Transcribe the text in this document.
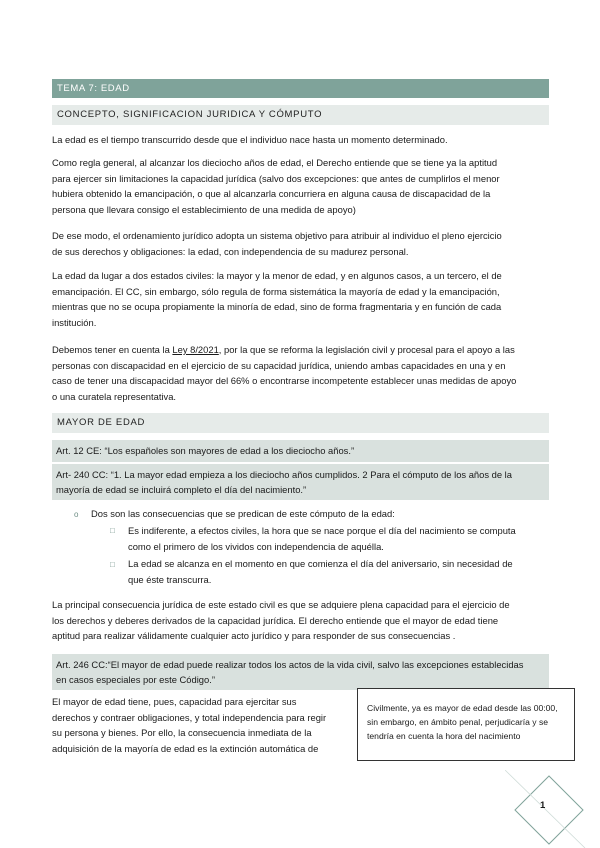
TEMA 7: EDAD
CONCEPTO, SIGNIFICACION JURIDICA Y CÓMPUTO
La edad es el tiempo transcurrido desde que el individuo nace hasta un momento determinado.
Como regla general, al alcanzar los dieciocho años de edad, el Derecho entiende que se tiene ya la aptitud
para ejercer sin limitaciones la capacidad jurídica (salvo dos excepciones: que antes de cumplirlos el menor
hubiera obtenido la emancipación, o que al alcanzarla concurriera en alguna causa de discapacidad de la
persona que llevara consigo el establecimiento de una medida de apoyo)
De ese modo, el ordenamiento jurídico adopta un sistema objetivo para atribuir al individuo el pleno ejercicio
de sus derechos y obligaciones: la edad, con independencia de su madurez personal.
La edad da lugar a dos estados civiles: la mayor y la menor de edad, y en algunos casos, a un tercero, el de
emancipación. El CC, sin embargo, sólo regula de forma sistemática la mayoría de edad y la emancipación,
mientras que no se ocupa propiamente la minoría de edad, sino de forma fragmentaria y en función de cada
institución.
Debemos tener en cuenta la Ley 8/2021, por la que se reforma la legislación civil y procesal para el apoyo a las
personas con discapacidad en el ejercicio de su capacidad jurídica, uniendo ambas capacidades en una y en
caso de tener una discapacidad mayor del 66% o encontrarse incompetente establecer unas medidas de apoyo
o una curatela representativa.
MAYOR DE EDAD
Art. 12 CE: “Los españoles son mayores de edad a los dieciocho años.”
Art- 240 CC: “1. La mayor edad empieza a los dieciocho años cumplidos. 2 Para el cómputo de los años de la
mayoría de edad se incluirá completo el día del nacimiento.”
o Dos son las consecuencias que se predican de este cómputo de la edad:
□ Es indiferente, a efectos civiles, la hora que se nace porque el día del nacimiento se computa
como el primero de los vividos con independencia de aquélla.
□ La edad se alcanza en el momento en que comienza el día del aniversario, sin necesidad de
que éste transcurra.
La principal consecuencia jurídica de este estado civil es que se adquiere plena capacidad para el ejercicio de
los derechos y deberes derivados de la capacidad jurídica. El derecho entiende que el mayor de edad tiene
aptitud para realizar válidamente cualquier acto jurídico y para responder de sus consecuencias .
Art. 246 CC:“El mayor de edad puede realizar todos los actos de la vida civil, salvo las excepciones establecidas
en casos especiales por este Código.”
El mayor de edad tiene, pues, capacidad para ejercitar sus
derechos y contraer obligaciones, y total independencia para regir
su persona y bienes. Por ello, la consecuencia inmediata de la
adquisición de la mayoría de edad es la extinción automática de
Civilmente, ya es mayor de edad desde las 00:00,
sin embargo, en ámbito penal, perjudicaría y se
tendría en cuenta la hora del nacimiento
1
